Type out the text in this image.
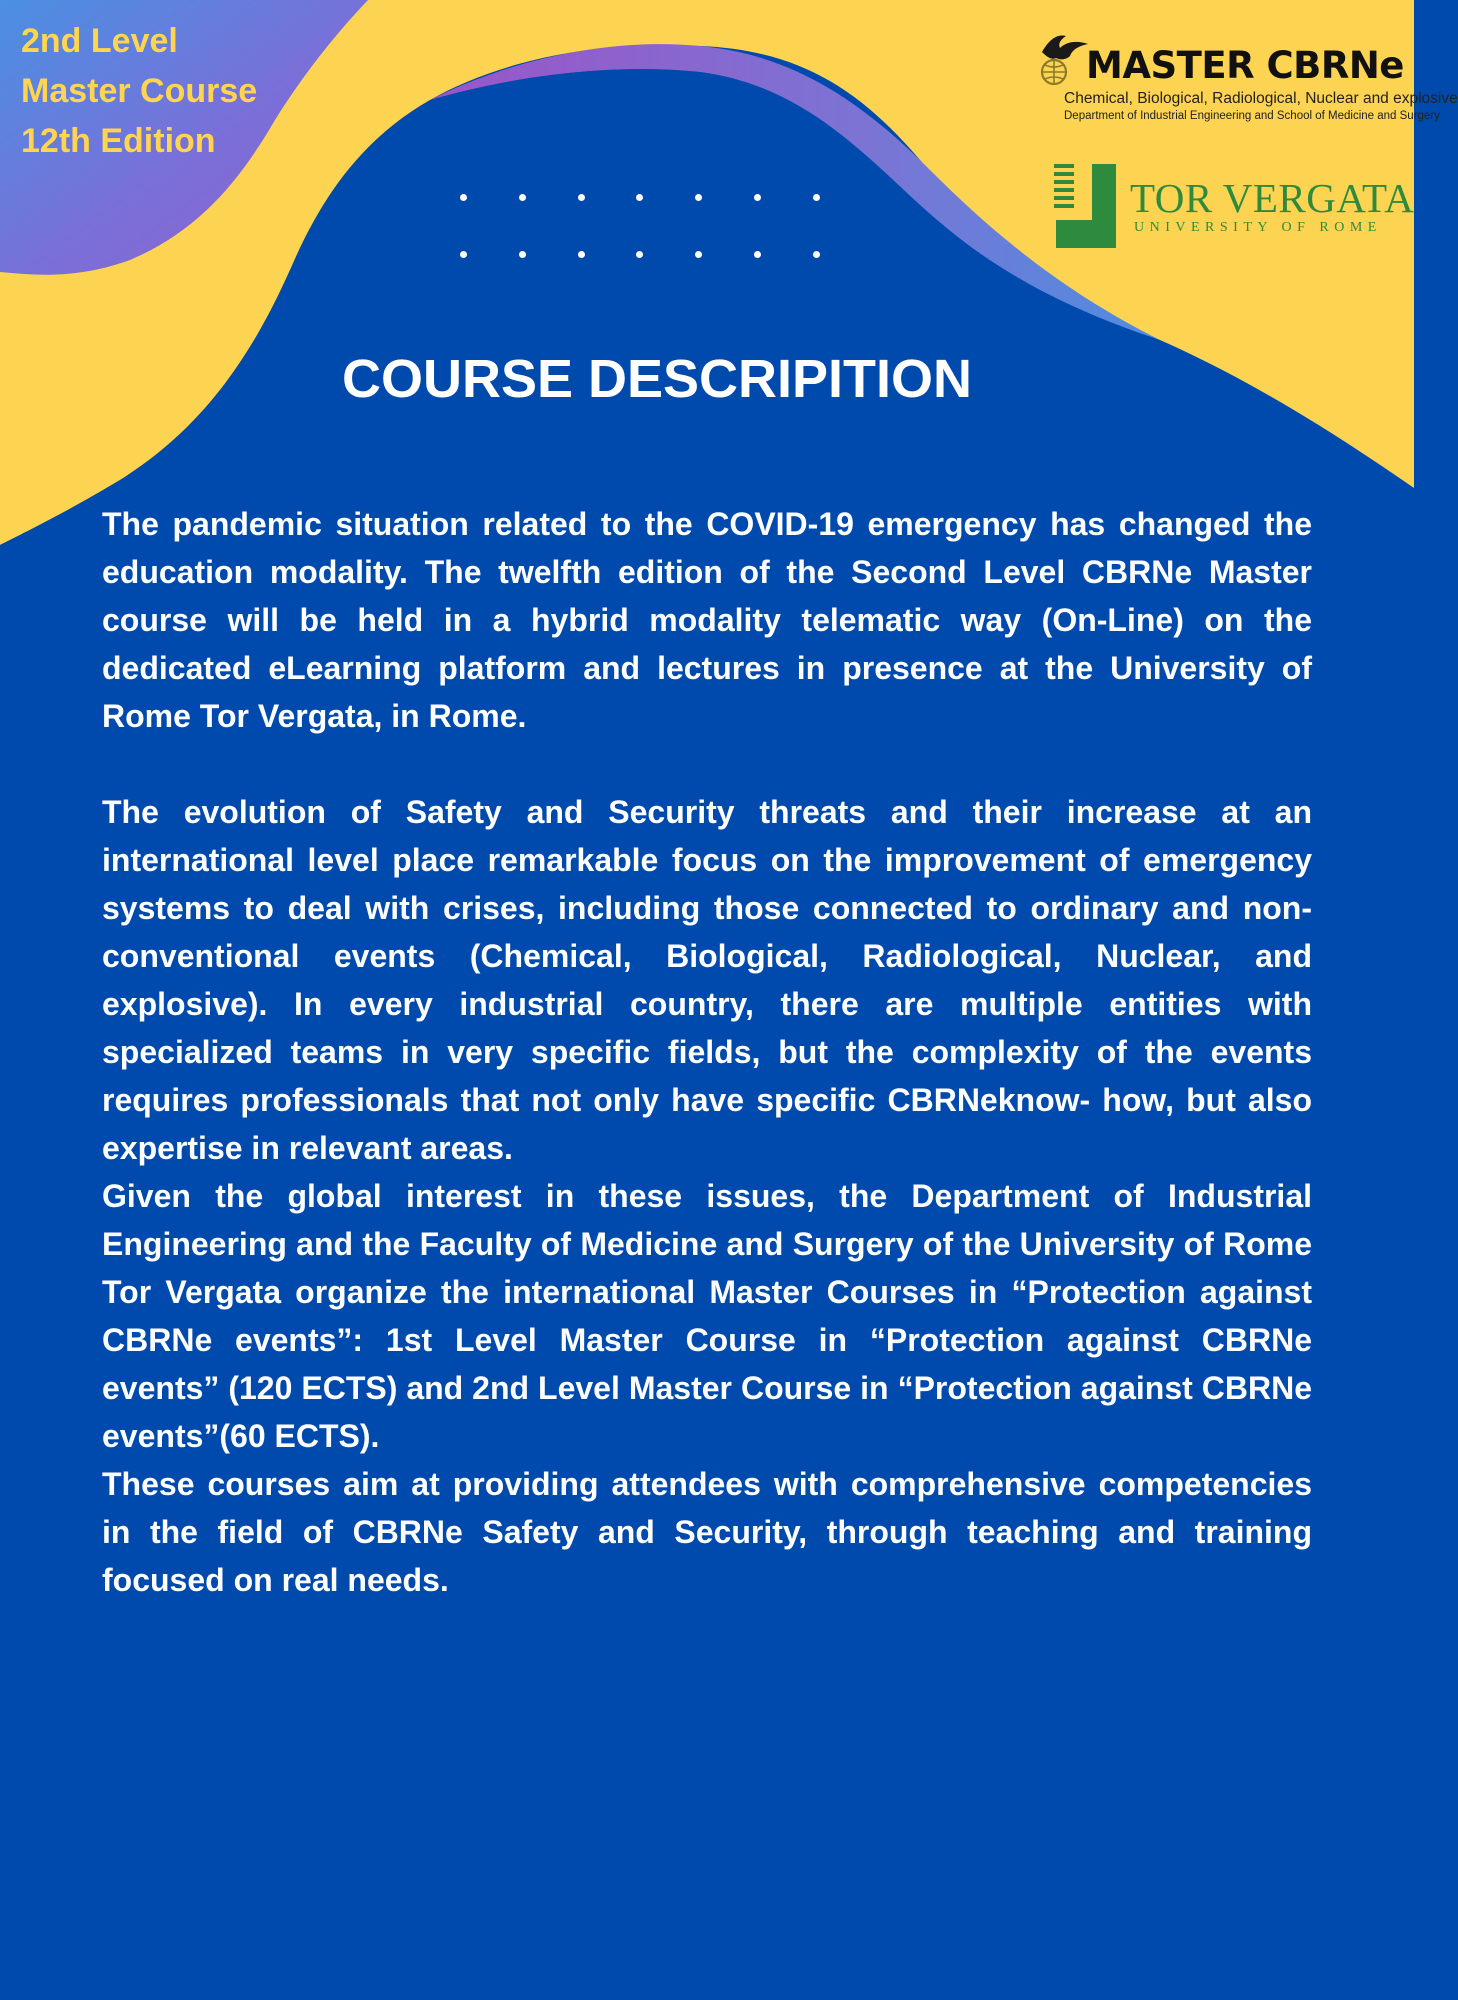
2nd Level
Master Course
12th Edition
MASTER CBRNe
Chemical, Biological, Radiological, Nuclear and explosive
Department of Industrial Engineering and School of Medicine and Surgery
TOR VERGATA
UNIVERSITY OF ROME
COURSE DESCRIPITION

The pandemic situation related to the COVID-19 emergency has changed the education modality. The twelfth edition of the Second Level CBRNe Master course will be held in a hybrid modality telematic way (On-Line) on the dedicated eLearning platform and lectures in presence at the University of Rome Tor Vergata, in Rome.

The evolution of Safety and Security threats and their increase at an international level place remarkable focus on the improvement of emergency systems to deal with crises, including those connected to ordinary and non-conventional events (Chemical, Biological, Radiological, Nuclear, and explosive). In every industrial country, there are multiple entities with specialized teams in very specific fields, but the complexity of the events requires professionals that not only have specific CBRNeknow- how, but also expertise in relevant areas.

Given the global interest in these issues, the Department of Industrial Engineering and the Faculty of Medicine and Surgery of the University of Rome Tor Vergata organize the international Master Courses in “Protection against CBRNe events”: 1st Level Master Course in “Protection against CBRNe events” (120 ECTS) and 2nd Level Master Course in “Protection against CBRNe events”(60 ECTS).

These courses aim at providing attendees with comprehensive competencies in the field of CBRNe Safety and Security, through teaching and training focused on real needs.
